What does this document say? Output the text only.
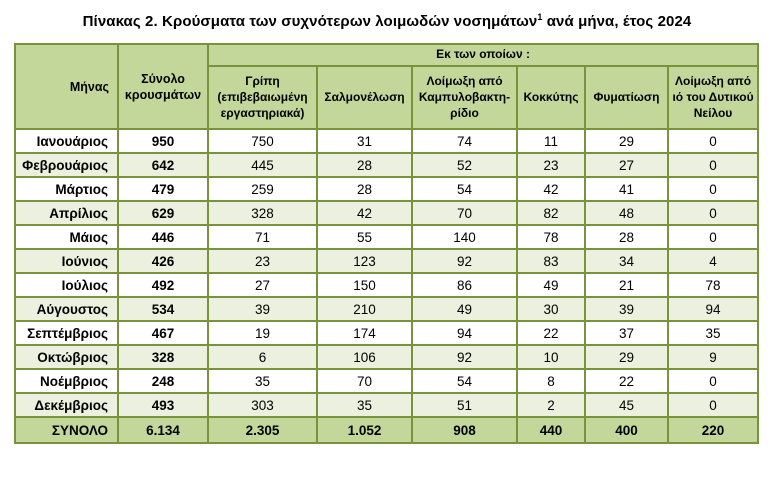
Πίνακας 2. Κρούσματα των συχνότερων λοιμωδών νοσημάτων$^1$ ανά μήνα, έτος 2024
Μήνας	Σύνολο κρουσμάτων	Εκ των οποίων :					
		Γρίπη (επιβεβαιωμένη εργαστηριακά)	Σαλμονέλωση	Λοίμωξη από Καμπυλοβακτη-ρίδιο	Κοκκύτης	Φυματίωση	Λοίμωξη από ιό του Δυτικού Νείλου
Ιανουάριος	950	750	31	74	11	29	0
Φεβρουάριος	642	445	28	52	23	27	0
Μάρτιος	479	259	28	54	42	41	0
Απρίλιος	629	328	42	70	82	48	0
Μάιος	446	71	55	140	78	28	0
Ιούνιος	426	23	123	92	83	34	4
Ιούλιος	492	27	150	86	49	21	78
Αύγουστος	534	39	210	49	30	39	94
Σεπτέμβριος	467	19	174	94	22	37	35
Οκτώβριος	328	6	106	92	10	29	9
Νοέμβριος	248	35	70	54	8	22	0
Δεκέμβριος	493	303	35	51	2	45	0
ΣΥΝΟΛΟ	6.134	2.305	1.052	908	440	400	220
